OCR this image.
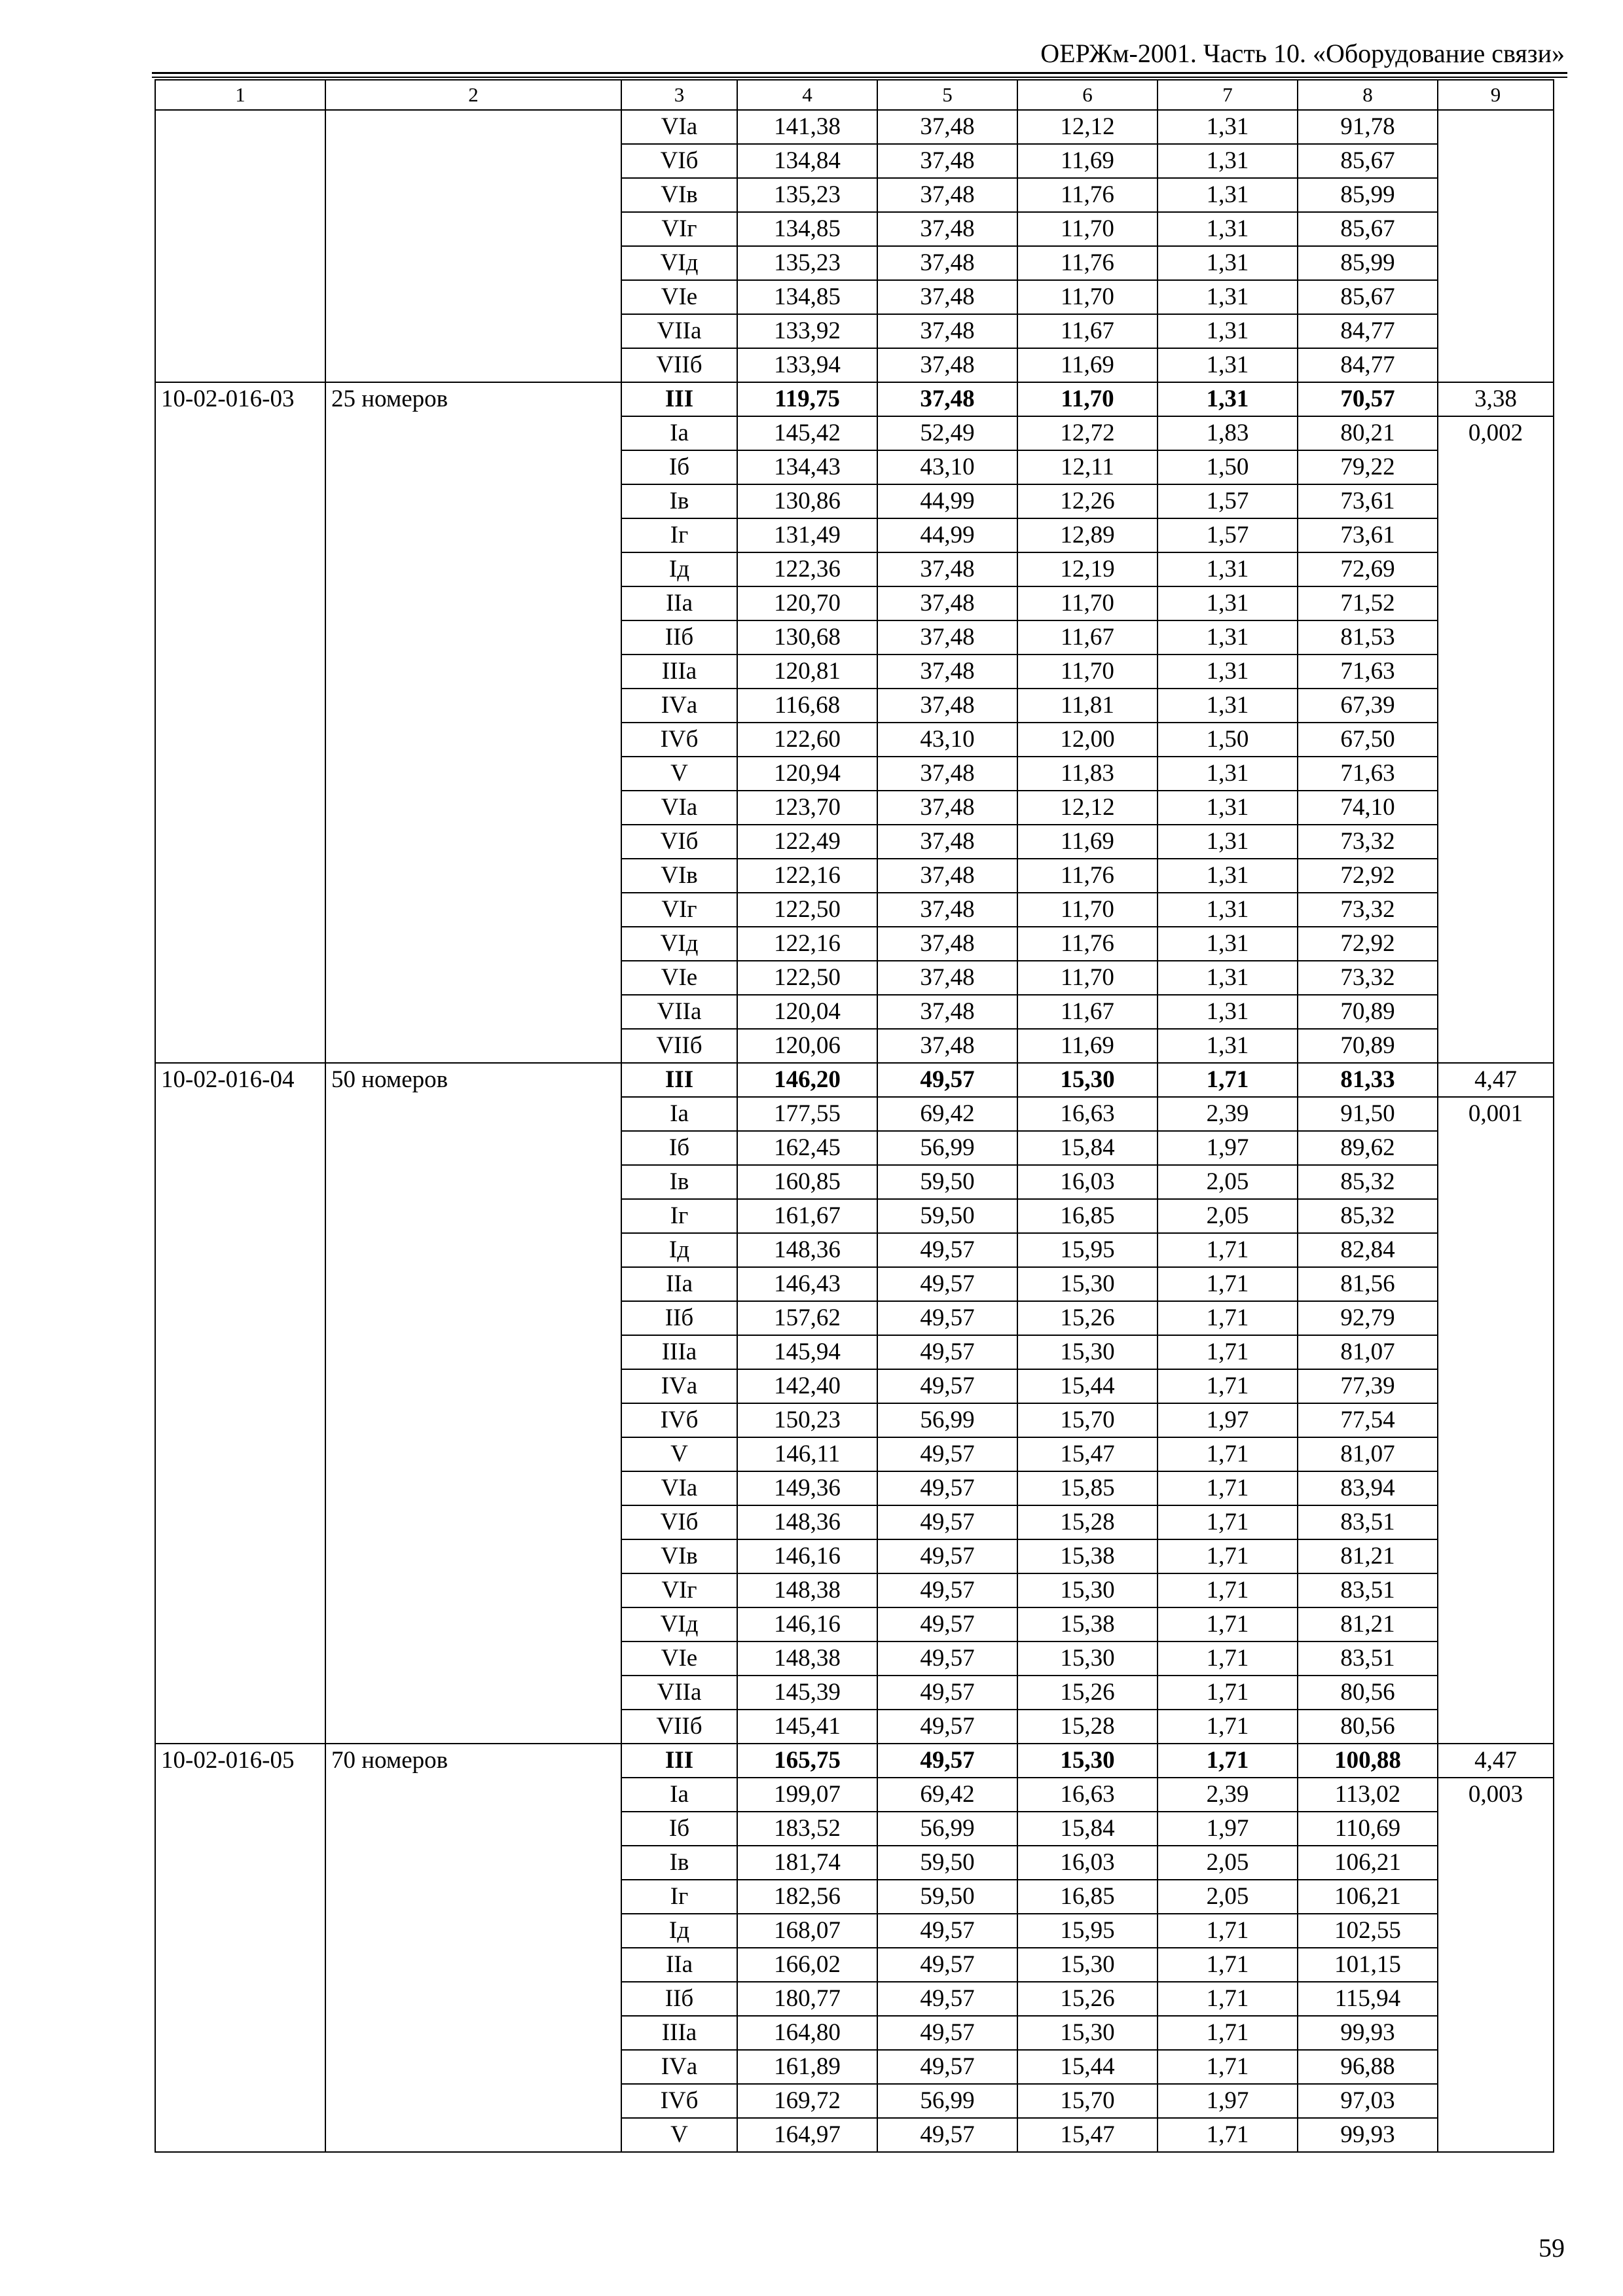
ОЕРЖм-2001. Часть 10. «Оборудование связи»
1	2	3	4	5	6	7	8	9
		VIа	141,38	37,48	12,12	1,31	91,78	
		VIб	134,84	37,48	11,69	1,31	85,67	
		VIв	135,23	37,48	11,76	1,31	85,99	
		VIг	134,85	37,48	11,70	1,31	85,67	
		VIд	135,23	37,48	11,76	1,31	85,99	
		VIе	134,85	37,48	11,70	1,31	85,67	
		VIIа	133,92	37,48	11,67	1,31	84,77	
		VIIб	133,94	37,48	11,69	1,31	84,77	
10-02-016-03	25 номеров	III	119,75	37,48	11,70	1,31	70,57	3,38
		Iа	145,42	52,49	12,72	1,83	80,21	0,002
		Iб	134,43	43,10	12,11	1,50	79,22	
		Iв	130,86	44,99	12,26	1,57	73,61	
		Iг	131,49	44,99	12,89	1,57	73,61	
		Iд	122,36	37,48	12,19	1,31	72,69	
		IIа	120,70	37,48	11,70	1,31	71,52	
		IIб	130,68	37,48	11,67	1,31	81,53	
		IIIа	120,81	37,48	11,70	1,31	71,63	
		IVа	116,68	37,48	11,81	1,31	67,39	
		IVб	122,60	43,10	12,00	1,50	67,50	
		V	120,94	37,48	11,83	1,31	71,63	
		VIа	123,70	37,48	12,12	1,31	74,10	
		VIб	122,49	37,48	11,69	1,31	73,32	
		VIв	122,16	37,48	11,76	1,31	72,92	
		VIг	122,50	37,48	11,70	1,31	73,32	
		VIд	122,16	37,48	11,76	1,31	72,92	
		VIе	122,50	37,48	11,70	1,31	73,32	
		VIIа	120,04	37,48	11,67	1,31	70,89	
		VIIб	120,06	37,48	11,69	1,31	70,89	
10-02-016-04	50 номеров	III	146,20	49,57	15,30	1,71	81,33	4,47
		Iа	177,55	69,42	16,63	2,39	91,50	0,001
		Iб	162,45	56,99	15,84	1,97	89,62	
		Iв	160,85	59,50	16,03	2,05	85,32	
		Iг	161,67	59,50	16,85	2,05	85,32	
		Iд	148,36	49,57	15,95	1,71	82,84	
		IIа	146,43	49,57	15,30	1,71	81,56	
		IIб	157,62	49,57	15,26	1,71	92,79	
		IIIа	145,94	49,57	15,30	1,71	81,07	
		IVа	142,40	49,57	15,44	1,71	77,39	
		IVб	150,23	56,99	15,70	1,97	77,54	
		V	146,11	49,57	15,47	1,71	81,07	
		VIа	149,36	49,57	15,85	1,71	83,94	
		VIб	148,36	49,57	15,28	1,71	83,51	
		VIв	146,16	49,57	15,38	1,71	81,21	
		VIг	148,38	49,57	15,30	1,71	83,51	
		VIд	146,16	49,57	15,38	1,71	81,21	
		VIе	148,38	49,57	15,30	1,71	83,51	
		VIIа	145,39	49,57	15,26	1,71	80,56	
		VIIб	145,41	49,57	15,28	1,71	80,56	
10-02-016-05	70 номеров	III	165,75	49,57	15,30	1,71	100,88	4,47
		Iа	199,07	69,42	16,63	2,39	113,02	0,003
		Iб	183,52	56,99	15,84	1,97	110,69	
		Iв	181,74	59,50	16,03	2,05	106,21	
		Iг	182,56	59,50	16,85	2,05	106,21	
		Iд	168,07	49,57	15,95	1,71	102,55	
		IIа	166,02	49,57	15,30	1,71	101,15	
		IIб	180,77	49,57	15,26	1,71	115,94	
		IIIа	164,80	49,57	15,30	1,71	99,93	
		IVа	161,89	49,57	15,44	1,71	96,88	
		IVб	169,72	56,99	15,70	1,97	97,03	
		V	164,97	49,57	15,47	1,71	99,93	
59
